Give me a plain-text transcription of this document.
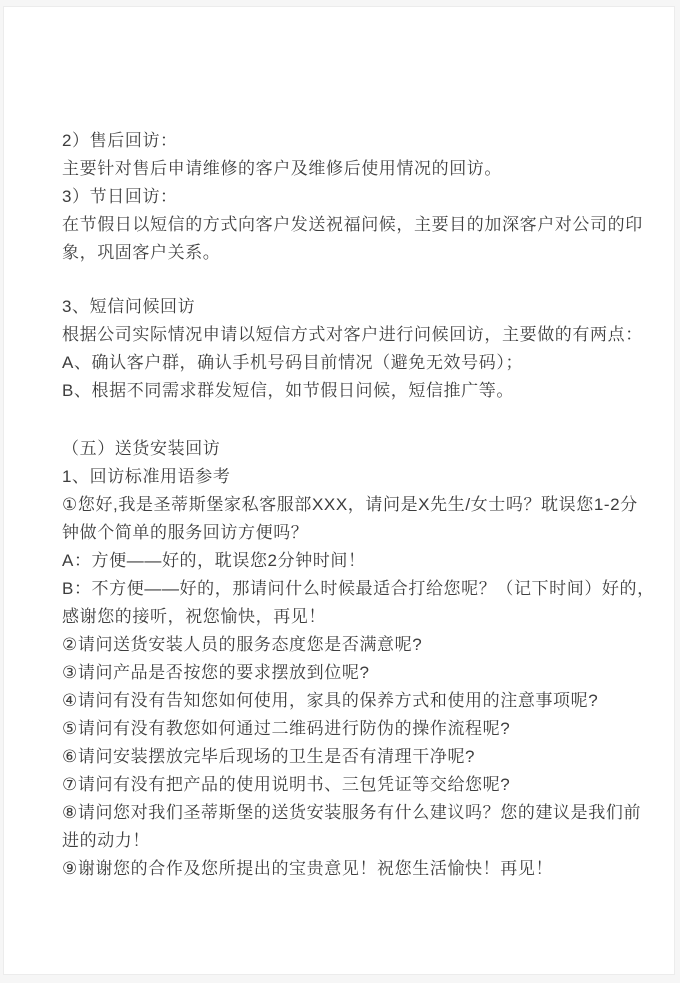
2）售后回访：
主要针对售后申请维修的客户及维修后使用情况的回访。
3）节日回访：
在节假日以短信的方式向客户发送祝福问候，主要目的加深客户对公司的印
象，巩固客户关系。
3、短信问候回访
根据公司实际情况申请以短信方式对客户进行问候回访，主要做的有两点：
A、确认客户群，确认手机号码目前情况（避免无效号码）；
B、根据不同需求群发短信，如节假日问候，短信推广等。
（五）送货安装回访
1、回访标准用语参考
①您好,我是圣蒂斯堡家私客服部XXX，请问是X先生/女士吗？耽误您1-2分
钟做个简单的服务回访方便吗？
A：方便——好的，耽误您2分钟时间！
B：不方便——好的，那请问什么时候最适合打给您呢？（记下时间）好的，
感谢您的接听，祝您愉快，再见！
②请问送货安装人员的服务态度您是否满意呢?
③请问产品是否按您的要求摆放到位呢?
④请问有没有告知您如何使用，家具的保养方式和使用的注意事项呢?
⑤请问有没有教您如何通过二维码进行防伪的操作流程呢?
⑥请问安装摆放完毕后现场的卫生是否有清理干净呢?
⑦请问有没有把产品的使用说明书、三包凭证等交给您呢?
⑧请问您对我们圣蒂斯堡的送货安装服务有什么建议吗？您的建议是我们前
进的动力！
⑨谢谢您的合作及您所提出的宝贵意见！祝您生活愉快！再见！
